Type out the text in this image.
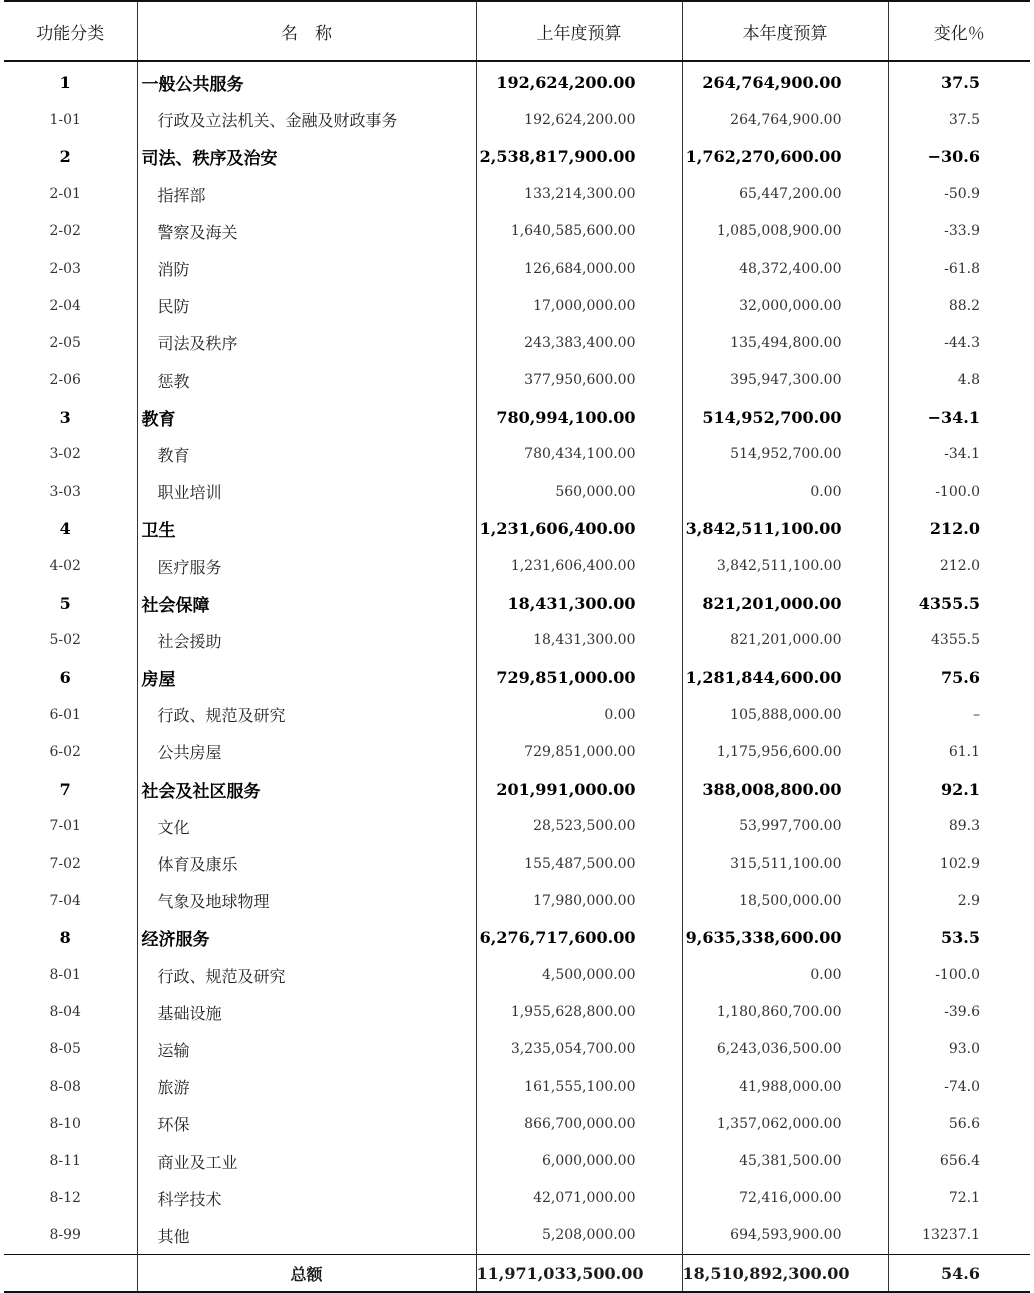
功能分类	名　称	上年度预算	本年度预算	变化％
1	一般公共服务	192,624,200.00	264,764,900.00	37.5
1-01	行政及立法机关、金融及财政事务	192,624,200.00	264,764,900.00	37.5
2	司法、秩序及治安	2,538,817,900.00	1,762,270,600.00	−30.6
2-01	指挥部	133,214,300.00	65,447,200.00	-50.9
2-02	警察及海关	1,640,585,600.00	1,085,008,900.00	-33.9
2-03	消防	126,684,000.00	48,372,400.00	-61.8
2-04	民防	17,000,000.00	32,000,000.00	88.2
2-05	司法及秩序	243,383,400.00	135,494,800.00	-44.3
2-06	惩教	377,950,600.00	395,947,300.00	4.8
3	教育	780,994,100.00	514,952,700.00	−34.1
3-02	教育	780,434,100.00	514,952,700.00	-34.1
3-03	职业培训	560,000.00	0.00	-100.0
4	卫生	1,231,606,400.00	3,842,511,100.00	212.0
4-02	医疗服务	1,231,606,400.00	3,842,511,100.00	212.0
5	社会保障	18,431,300.00	821,201,000.00	4355.5
5-02	社会援助	18,431,300.00	821,201,000.00	4355.5
6	房屋	729,851,000.00	1,281,844,600.00	75.6
6-01	行政、规范及研究	0.00	105,888,000.00	–
6-02	公共房屋	729,851,000.00	1,175,956,600.00	61.1
7	社会及社区服务	201,991,000.00	388,008,800.00	92.1
7-01	文化	28,523,500.00	53,997,700.00	89.3
7-02	体育及康乐	155,487,500.00	315,511,100.00	102.9
7-04	气象及地球物理	17,980,000.00	18,500,000.00	2.9
8	经济服务	6,276,717,600.00	9,635,338,600.00	53.5
8-01	行政、规范及研究	4,500,000.00	0.00	-100.0
8-04	基础设施	1,955,628,800.00	1,180,860,700.00	-39.6
8-05	运输	3,235,054,700.00	6,243,036,500.00	93.0
8-08	旅游	161,555,100.00	41,988,000.00	-74.0
8-10	环保	866,700,000.00	1,357,062,000.00	56.6
8-11	商业及工业	6,000,000.00	45,381,500.00	656.4
8-12	科学技术	42,071,000.00	72,416,000.00	72.1
8-99	其他	5,208,000.00	694,593,900.00	13237.1
	总额	11,971,033,500.00	18,510,892,300.00	54.6
